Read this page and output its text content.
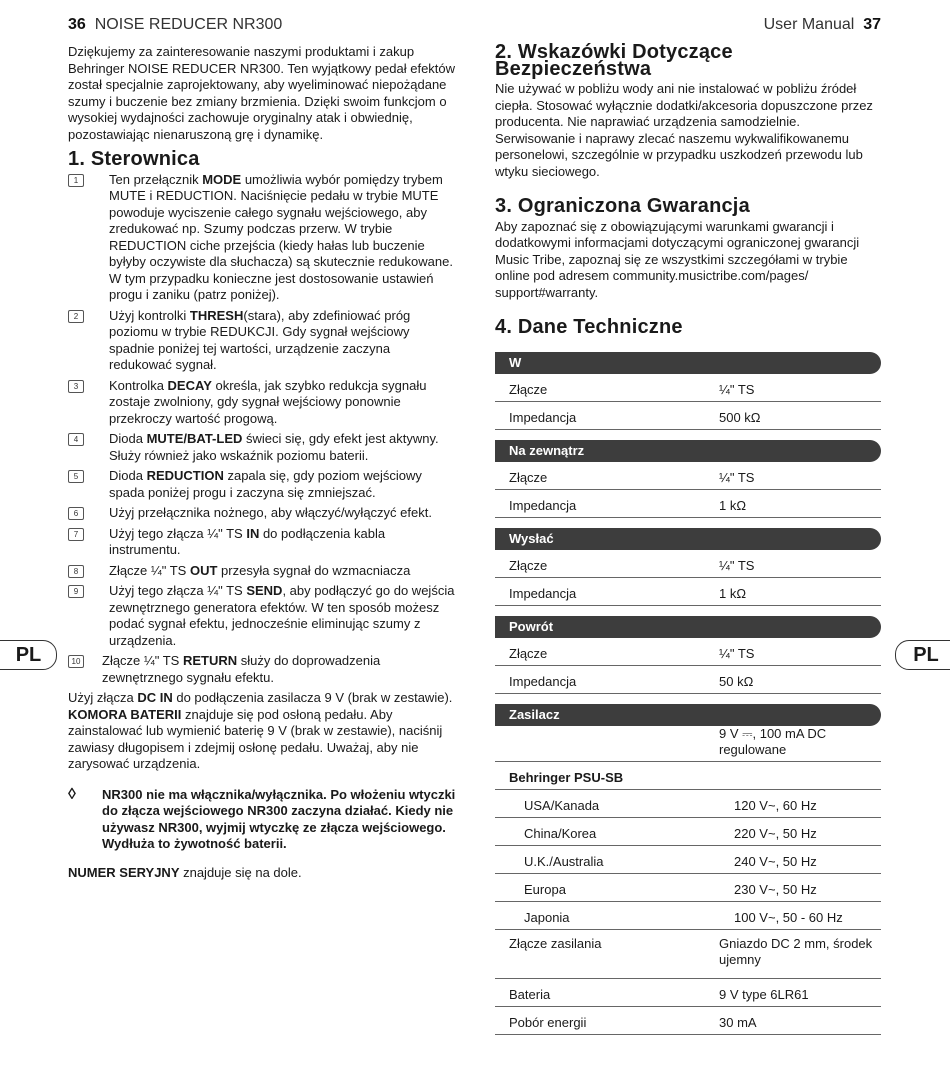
36 NOISE REDUCER NR300	User Manual 37
PL	PL

Dziękujemy za zainteresowanie naszymi produktami i zakup Behringer NOISE REDUCER NR300. Ten wyjątkowy pedał efektów został specjalnie zaprojektowany, aby wyeliminować niepożądane szumy i buczenie bez zmiany brzmienia. Dzięki swoim funkcjom o wysokiej wydajności zachowuje oryginalny atak i obwiednię, pozostawiając nienaruszoną grę i dynamikę.

1. Sterownica
1	Ten przełącznik MODE umożliwia wybór pomiędzy trybem MUTE i REDUCTION. Naciśnięcie pedału w trybie MUTE powoduje wyciszenie całego sygnału wejściowego, aby zredukować np. Szumy podczas przerw. W trybie REDUCTION ciche przejścia (kiedy hałas lub buczenie byłyby oczywiste dla słuchacza) są skutecznie redukowane. W tym przypadku konieczne jest dostosowanie ustawień progu i zaniku (patrz poniżej).
2	Użyj kontrolki THRESH(stara), aby zdefiniować próg poziomu w trybie REDUKCJI. Gdy sygnał wejściowy spadnie poniżej tej wartości, urządzenie zaczyna redukować sygnał.
3	Kontrolka DECAY określa, jak szybko redukcja sygnału zostaje zwolniony, gdy sygnał wejściowy ponownie przekroczy wartość progową.
4	Dioda MUTE/BAT-LED świeci się, gdy efekt jest aktywny. Służy również jako wskaźnik poziomu baterii.
5	Dioda REDUCTION zapala się, gdy poziom wejściowy spada poniżej progu i zaczyna się zmniejszać.
6	Użyj przełącznika nożnego, aby włączyć/wyłączyć efekt.
7	Użyj tego złącza ¼" TS IN do podłączenia kabla instrumentu.
8	Złącze ¼" TS OUT przesyła sygnał do wzmacniacza
9	Użyj tego złącza ¼" TS SEND, aby podłączyć go do wejścia zewnętrznego generatora efektów. W ten sposób możesz podać sygnał efektu, jednocześnie eliminując szumy z urządzenia.
10 Złącze ¼" TS RETURN służy do doprowadzenia zewnętrznego sygnału efektu.

Użyj złącza DC IN do podłączenia zasilacza 9 V (brak w zestawie).

KOMORA BATERII znajduje się pod osłoną pedału. Aby zainstalować lub wymienić baterię 9 V (brak w zestawie), naciśnij zawiasy długopisem i zdejmij osłonę pedału. Uważaj, aby nie zarysować urządzenia.

◊ NR300 nie ma włącznika/wyłącznika. Po włożeniu wtyczki do złącza wejściowego NR300 zaczyna działać. Kiedy nie używasz NR300, wyjmij wtyczkę ze złącza wejściowego. Wydłuża to żywotność baterii.

NUMER SERYJNY znajduje się na dole.

2. Wskazówki Dotyczące Bezpieczeństwa

Nie używać w pobliżu wody ani nie instalować w pobliżu źródeł ciepła. Stosować wyłącznie dodatki/akcesoria dopuszczone przez producenta. Nie naprawiać urządzenia samodzielnie. Serwisowanie i naprawy zlecać naszemu wykwalifikowanemu personelowi, szczególnie w przypadku uszkodzeń przewodu lub wtyku sieciowego.

3. Ograniczona Gwarancja

Aby zapoznać się z obowiązującymi warunkami gwarancji i dodatkowymi informacjami dotyczącymi ograniczonej gwarancji Music Tribe, zapoznaj się ze wszystkimi szczegółami w trybie online pod adresem community.musictribe.com/pages/ support#warranty.

4. Dane Techniczne
W
Złącze	¼" TS
Impedancja	500 kΩ
Na zewnątrz
Złącze	¼" TS
Impedancja	1 kΩ
Wysłać
Złącze	¼" TS
Impedancja	1 kΩ
Powrót
Złącze	¼" TS
Impedancja	50 kΩ
Zasilacz
9 V ⎓, 100 mA DC regulowane
Behringer PSU-SB
USA/Kanada	120 V~, 60 Hz
China/Korea	220 V~, 50 Hz
U.K./Australia	240 V~, 50 Hz
Europa	230 V~, 50 Hz
Japonia	100 V~, 50 - 60 Hz
Złącze zasilania	Gniazdo DC 2 mm, środek ujemny
Bateria	9 V type 6LR61
Pobór energii	30 mA
